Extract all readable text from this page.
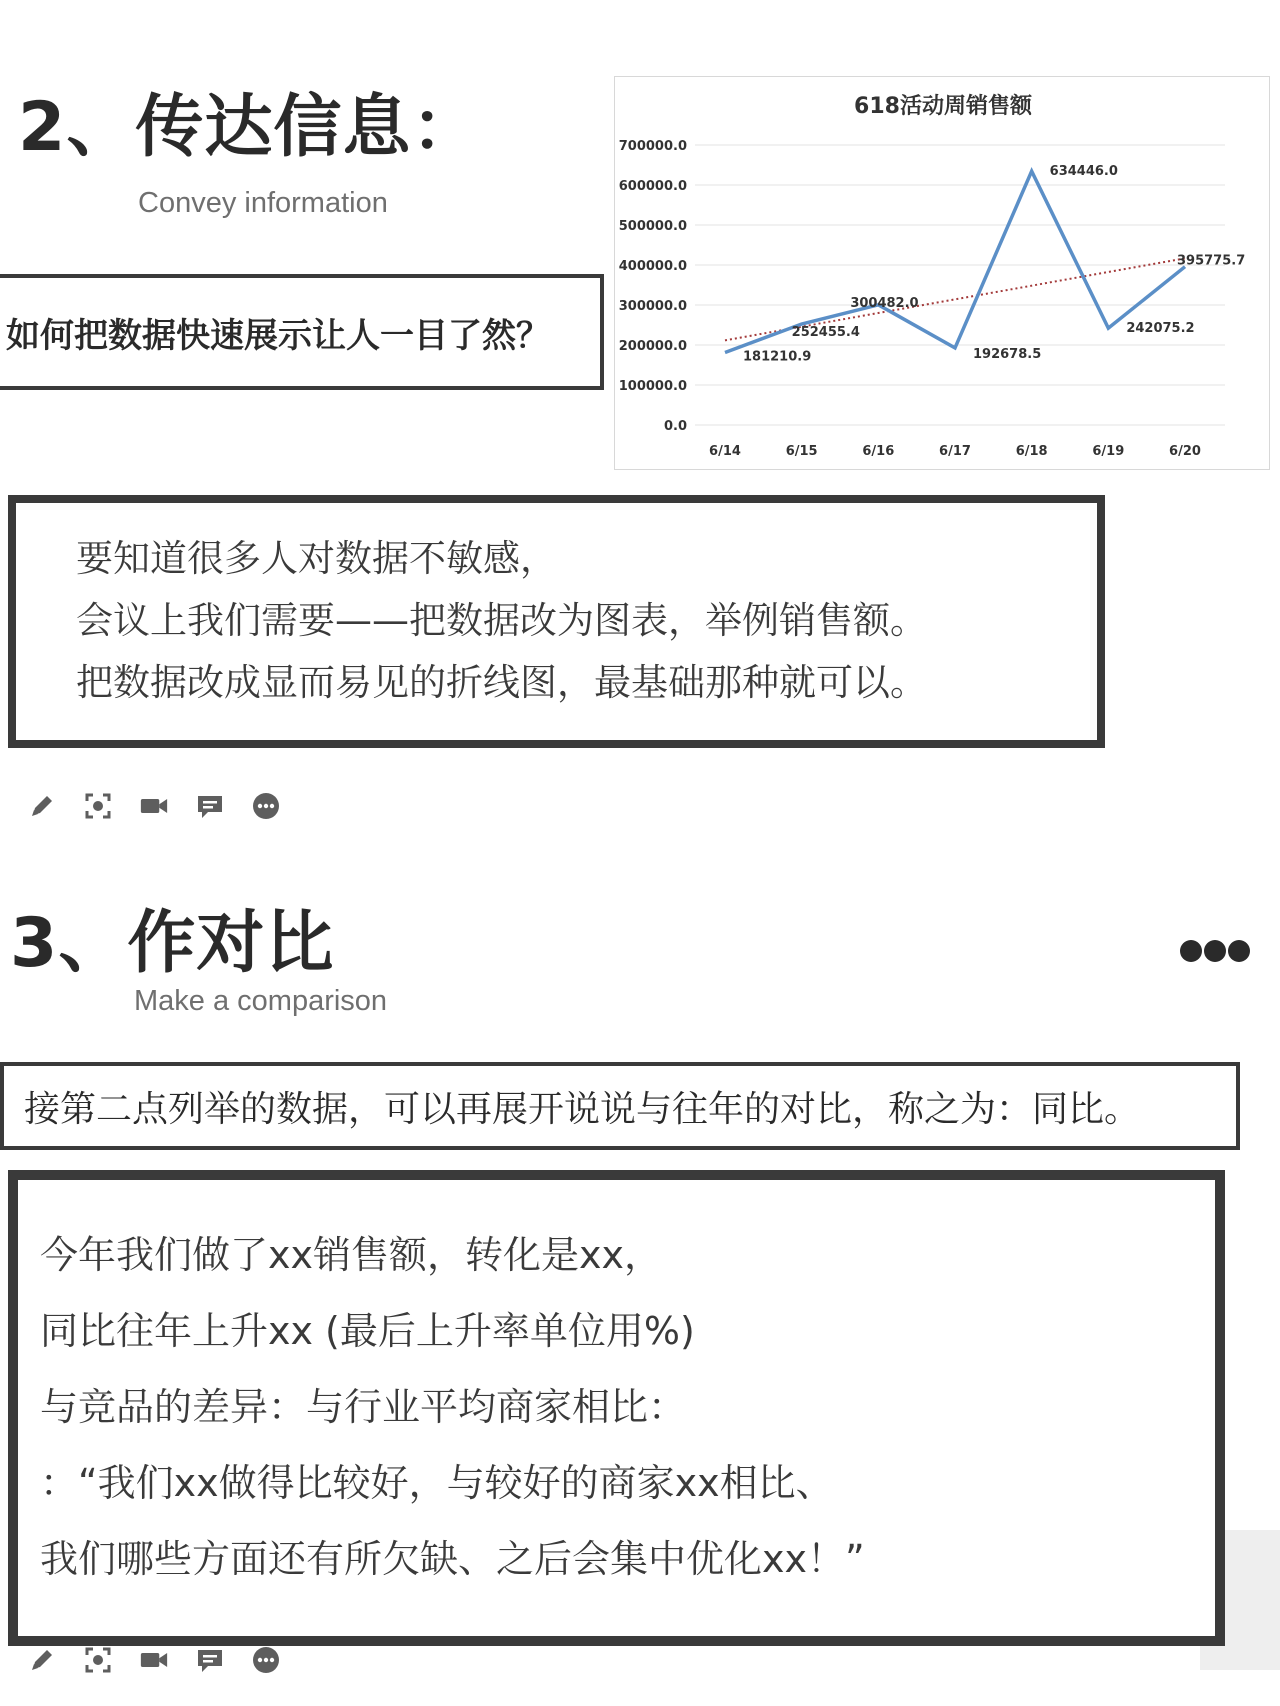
2、传达信息：
Convey information
如何把数据快速展示让人一目了然？
618活动周销售额
0.0
100000.0
200000.0
300000.0
400000.0
500000.0
600000.0
700000.0
6/14	6/15	6/16	6/17	6/18	6/19	6/20
181210.9
252455.4
300482.0
192678.5
634446.0
242075.2
395775.7
要知道很多人对数据不敏感，
会议上我们需要——把数据改为图表，举例销售额。
把数据改成显而易见的折线图，最基础那种就可以。
3、作对比
Make a comparison
接第二点列举的数据，可以再展开说说与往年的对比，称之为：同比。
今年我们做了xx销售额，转化是xx，
同比往年上升xx (最后上升率单位用%)
与竞品的差异：与行业平均商家相比：
：“我们xx做得比较好，与较好的商家xx相比、
我们哪些方面还有所欠缺、之后会集中优化xx！”
